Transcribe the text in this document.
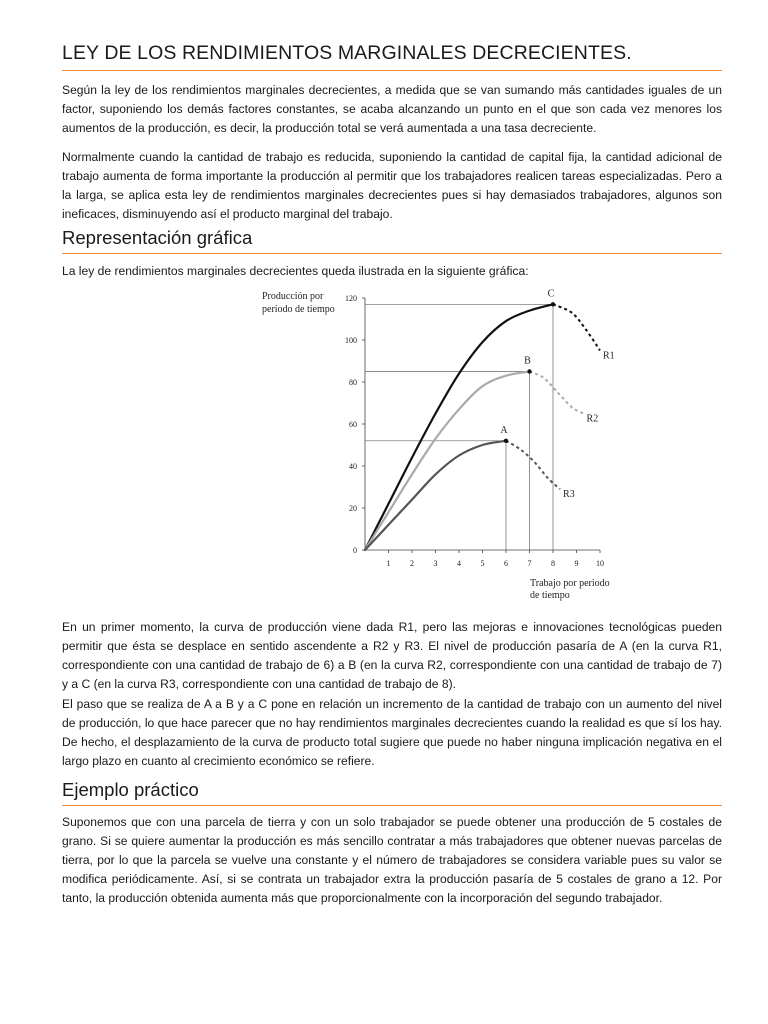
LEY DE LOS RENDIMIENTOS MARGINALES DECRECIENTES.

Según la ley de los rendimientos marginales decrecientes, a medida que se van sumando más cantidades iguales de un factor, suponiendo los demás factores constantes, se acaba alcanzando un punto en el que son cada vez menores los aumentos de la producción, es decir, la producción total se verá aumentada a una tasa decreciente.

Normalmente cuando la cantidad de trabajo es reducida, suponiendo la cantidad de capital fija, la cantidad adicional de trabajo aumenta de forma importante la producción al permitir que los trabajadores realicen tareas especializadas. Pero a la larga, se aplica esta ley de rendimientos marginales decrecientes pues si hay demasiados trabajadores, algunos son ineficaces, disminuyendo así el producto marginal del trabajo.

Representación gráfica

La ley de rendimientos marginales decrecientes queda ilustrada en la siguiente gráfica:

Producción por
periodo de tiempo
Trabajo por periodo
de tiempo
0
20
40
60
80
100
120
1 2 3 4 5 6 7 8 9 10
C
R1
B
R2
A
R3

En un primer momento, la curva de producción viene dada R1, pero las mejoras e innovaciones tecnológicas pueden permitir que ésta se desplace en sentido ascendente a R2 y R3. El nivel de producción pasaría de A (en la curva R1, correspondiente con una cantidad de trabajo de 6) a B (en la curva R2, correspondiente con una cantidad de trabajo de 7) y a C (en la curva R3, correspondiente con una cantidad de trabajo de 8).

El paso que se realiza de A a B y a C pone en relación un incremento de la cantidad de trabajo con un aumento del nivel de producción, lo que hace parecer que no hay rendimientos marginales decrecientes cuando la realidad es que sí los hay. De hecho, el desplazamiento de la curva de producto total sugiere que puede no haber ninguna implicación negativa en el largo plazo en cuanto al crecimiento económico se refiere.

Ejemplo práctico

Suponemos que con una parcela de tierra y con un solo trabajador se puede obtener una producción de 5 costales de grano. Si se quiere aumentar la producción es más sencillo contratar a más trabajadores que obtener nuevas parcelas de tierra, por lo que la parcela se vuelve una constante y el número de trabajadores se considera variable pues su valor se modifica periódicamente. Así, si se contrata un trabajador extra la producción pasaría de 5 costales de grano a 12. Por tanto, la producción obtenida aumenta más que proporcionalmente con la incorporación del segundo trabajador.
